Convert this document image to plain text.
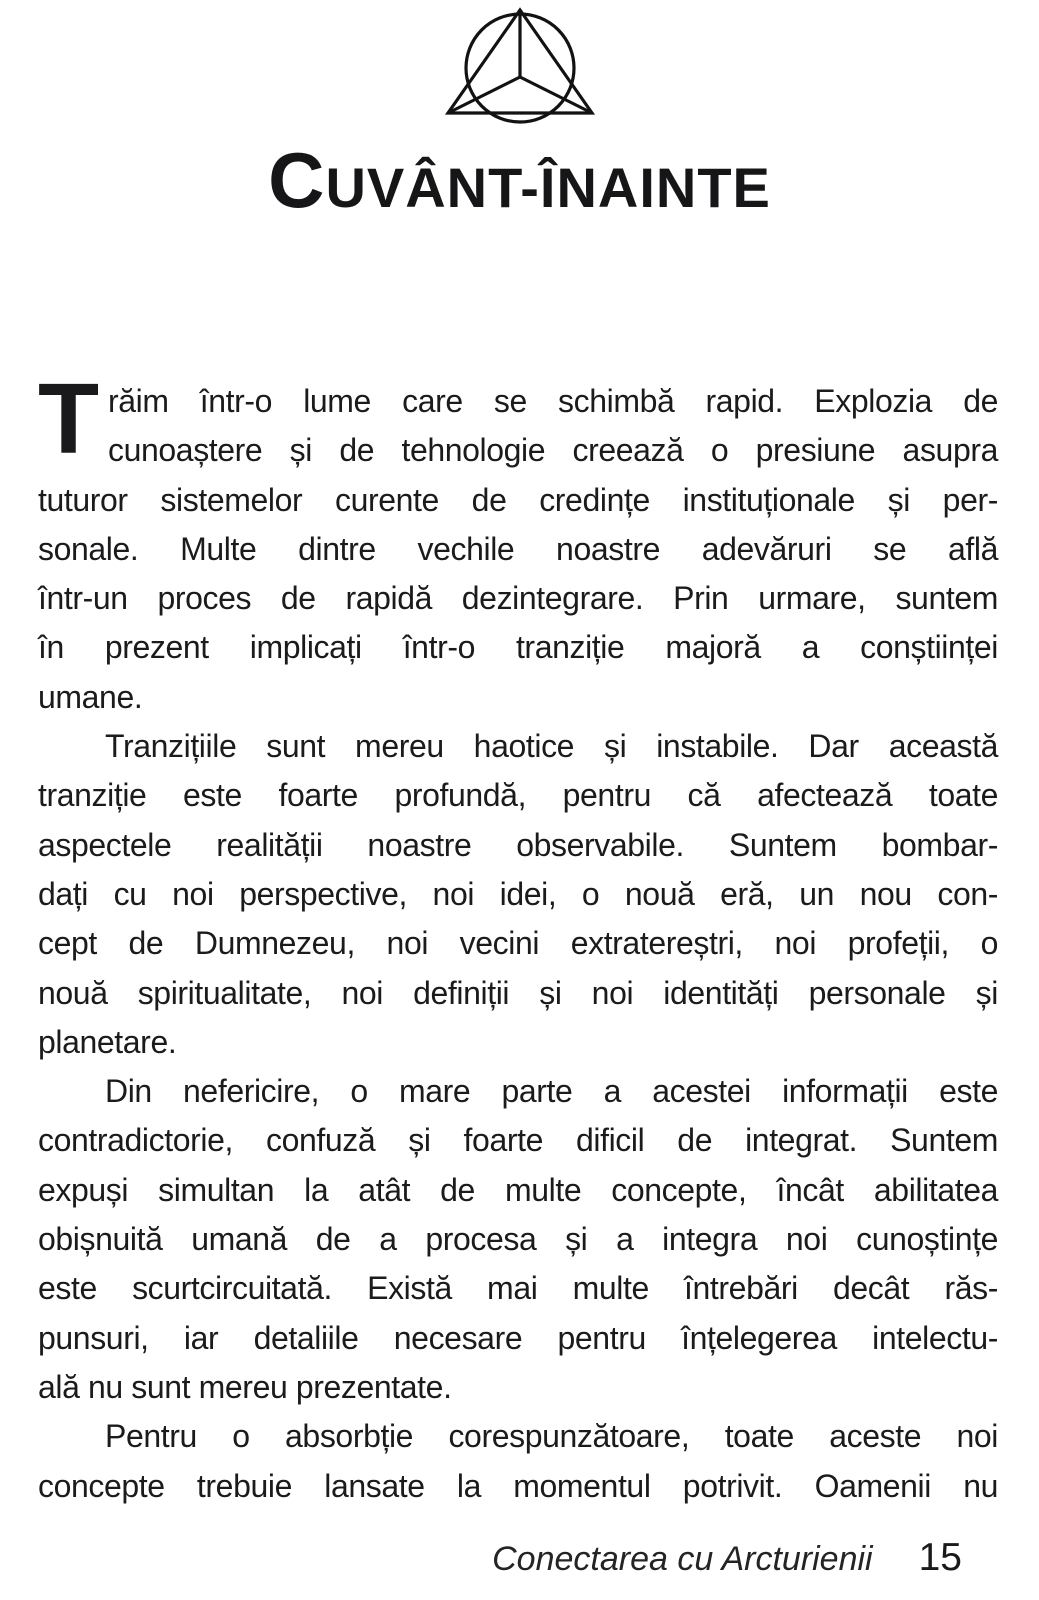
CUVÂNT-ÎNAINTE
T răim într-o lume care se schimbă rapid. Explozia de
cunoaștere și de tehnologie creează o presiune asupra
tuturor sistemelor curente de credințe instituționale și per-
sonale. Multe dintre vechile noastre adevăruri se află
într-un proces de rapidă dezintegrare. Prin urmare, suntem
în prezent implicați într-o tranziție majoră a conștiinței
umane.
Tranzițiile sunt mereu haotice și instabile. Dar această
tranziție este foarte profundă, pentru că afectează toate
aspectele realității noastre observabile. Suntem bombar-
dați cu noi perspective, noi idei, o nouă eră, un nou con-
cept de Dumnezeu, noi vecini extratereștri, noi profeții, o
nouă spiritualitate, noi definiții și noi identități personale și
planetare.
Din nefericire, o mare parte a acestei informații este
contradictorie, confuză și foarte dificil de integrat. Suntem
expuși simultan la atât de multe concepte, încât abilitatea
obișnuită umană de a procesa și a integra noi cunoștințe
este scurtcircuitată. Există mai multe întrebări decât răs-
punsuri, iar detaliile necesare pentru înțelegerea intelectu-
ală nu sunt mereu prezentate.
Pentru o absorbție corespunzătoare, toate aceste noi
concepte trebuie lansate la momentul potrivit. Oamenii nu
Conectarea cu Arcturienii 15
